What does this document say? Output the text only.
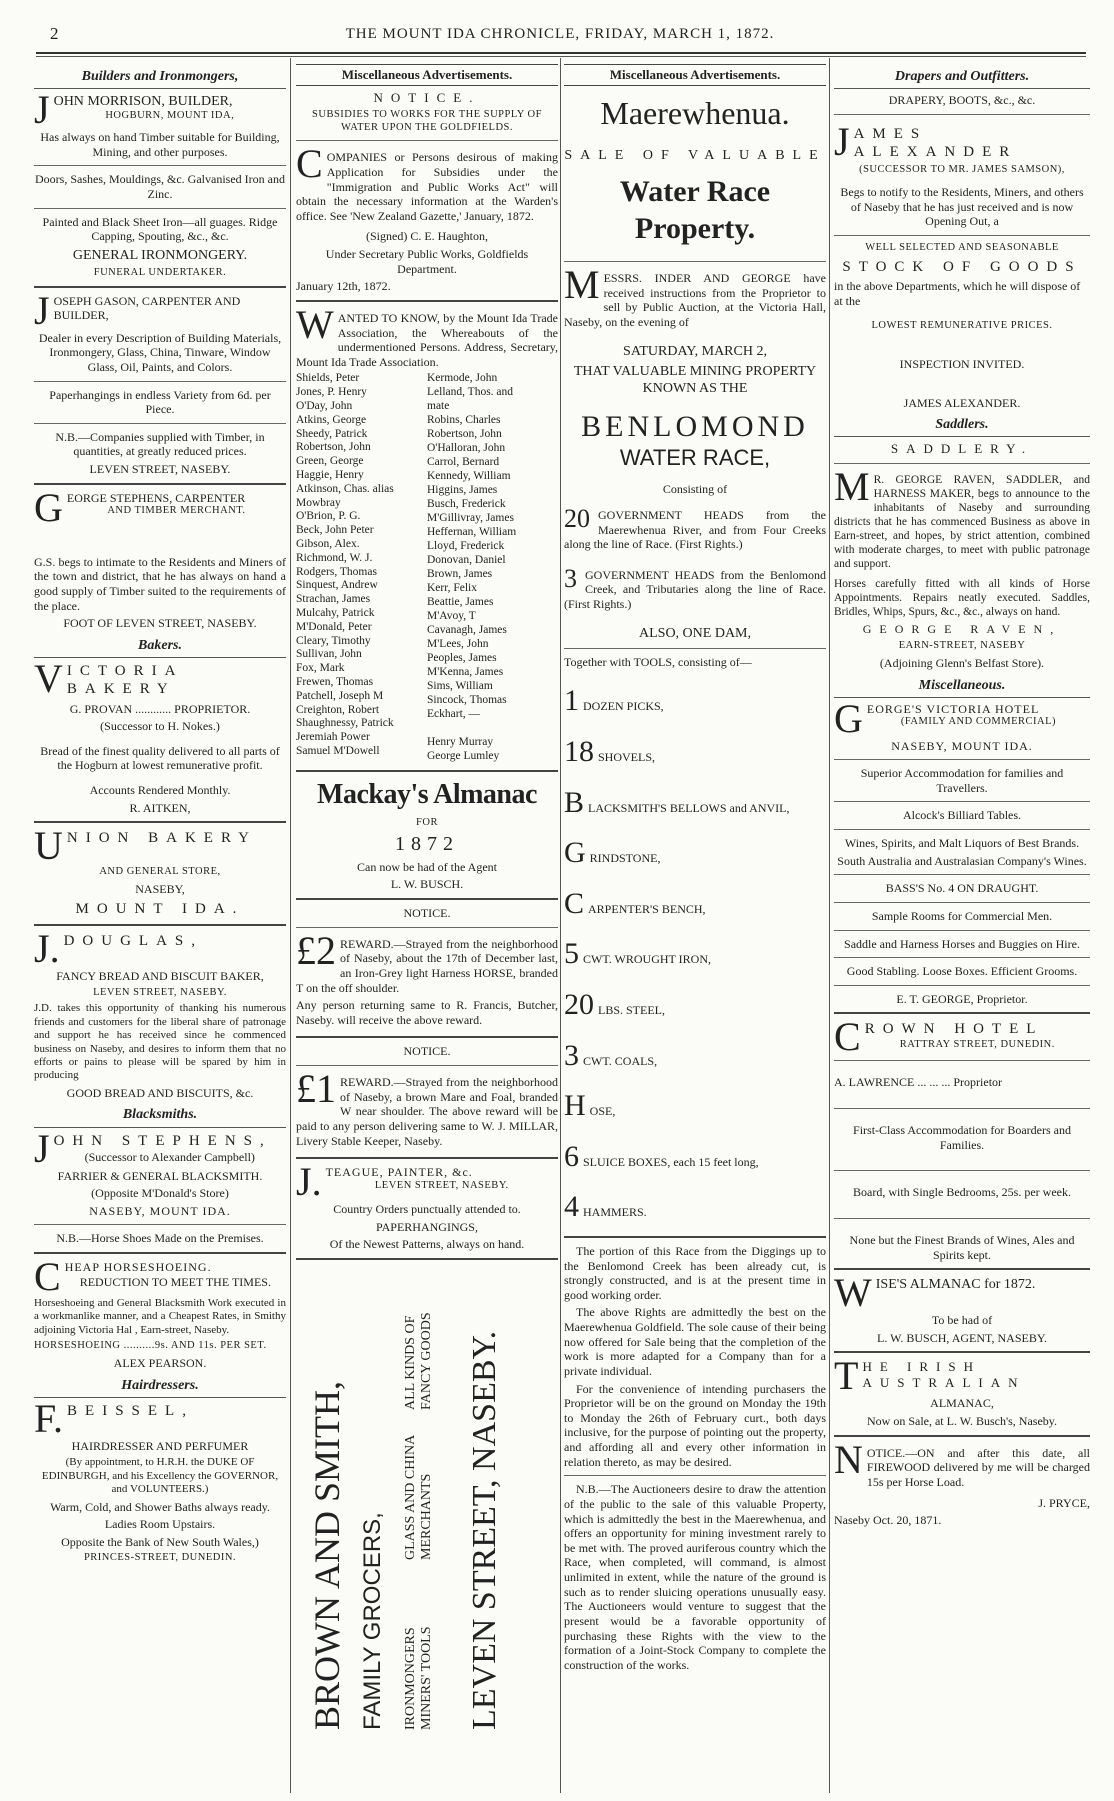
2	THE MOUNT IDA CHRONICLE, FRIDAY, MARCH 1, 1872.
Builders and Ironmongers,
J OHN MORRISON, BUILDER,
HOGBURN, MOUNT IDA,

Has always on hand Timber suitable for Building, Mining, and other purposes.

Doors, Sashes, Mouldings, &c. Galvanised Iron and Zinc.

Painted and Black Sheet Iron—all guages. Ridge Capping, Spouting, &c., &c.

GENERAL IRONMONGERY.

FUNERAL UNDERTAKER.

J OSEPH GASON, CARPENTER AND BUILDER,

Dealer in every Description of Building Materials, Ironmongery, Glass, China, Tinware, Window Glass, Oil, Paints, and Colors.

Paperhangings in endless Variety from 6d. per Piece.

N.B.—Companies supplied with Timber, in quantities, at greatly reduced prices.

LEVEN STREET, NASEBY.

G EORGE STEPHENS, CARPENTER
AND TIMBER MERCHANT.

G.S. begs to intimate to the Residents and Miners of the town and district, that he has always on hand a good supply of Timber suited to the requirements of the place.

FOOT OF LEVEN STREET, NASEBY.

Bakers.
V ICTORIA BAKERY

G. PROVAN ............ PROPRIETOR.

(Successor to H. Nokes.)

Bread of the finest quality delivered to all parts of the Hogburn at lowest remunerative profit.

Accounts Rendered Monthly.

R. AITKEN,

U NION BAKERY

AND GENERAL STORE,

NASEBY,

MOUNT IDA.

J. DOUGLAS,

FANCY BREAD AND BISCUIT BAKER,

LEVEN STREET, NASEBY.

J.D. takes this opportunity of thanking his numerous friends and customers for the liberal share of patronage and support he has received since he commenced business on Naseby, and desires to inform them that no efforts or pains to please will be spared by him in producing

GOOD BREAD AND BISCUITS, &c.

Blacksmiths.
J OHN STEPHENS,
(Successor to Alexander Campbell)

FARRIER & GENERAL BLACKSMITH.

(Opposite M'Donald's Store)

NASEBY, MOUNT IDA.

N.B.—Horse Shoes Made on the Premises.

C HEAP HORSESHOEING.
REDUCTION TO MEET THE TIMES.

Horseshoeing and General Blacksmith Work executed in a workmanlike manner, and a Cheapest Rates, in Smithy adjoining Victoria Hal , Earn-street, Naseby.

HORSESHOEING ..........9s. AND 11s. PER SET.

ALEX PEARSON.

Hairdressers.
F. BEISSEL,

HAIRDRESSER AND PERFUMER

(By appointment, to H.R.H. the DUKE OF EDINBURGH, and his Excellency the GOVERNOR, and VOLUNTEERS.)

Warm, Cold, and Shower Baths always ready.

Ladies Room Upstairs.

Opposite the Bank of New South Wales,)

PRINCES-STREET, DUNEDIN.

Miscellaneous Advertisements.

NOTICE.

SUBSIDIES TO WORKS FOR THE SUPPLY OF WATER UPON THE GOLDFIELDS.

C OMPANIES or Persons desirous of making Application for Subsidies under the "Immigration and Public Works Act" will obtain the necessary information at the Warden's office. See 'New Zealand Gazette,' January, 1872.

(Signed) C. E. Haughton,

Under Secretary Public Works, Goldfields Department.

January 12th, 1872.

W ANTED TO KNOW, by the Mount Ida Trade Association, the Whereabouts of the undermentioned Persons. Address, Secretary, Mount Ida Trade Association.

Shields, Peter
Jones, P. Henry
O'Day, John
Atkins, George
Sheedy, Patrick
Robertson, John
Green, George
Haggie, Henry
Atkinson, Chas. alias
Mowbray
O'Brion, P. G.
Beck, John Peter
Gibson, Alex.
Richmond, W. J.
Rodgers, Thomas
Sinquest, Andrew
Strachan, James
Mulcahy, Patrick
M'Donald, Peter
Cleary, Timothy
Sullivan, John
Fox, Mark
Frewen, Thomas
Patchell, Joseph M
Creighton, Robert
Shaughnessy, Patrick
Jeremiah Power
Samuel M'Dowell
Kermode, John
Lelland, Thos. and
mate
Robins, Charles
Robertson, John
O'Halloran, John
Carrol, Bernard
Kennedy, William
Higgins, James
Busch, Frederick
M'Gillivray, James
Heffernan, William
Lloyd, Frederick
Donovan, Daniel
Brown, James
Kerr, Felix
Beattie, James
M'Avoy, T
Cavanagh, James
M'Lees, John
Peoples, James
M'Kenna, James
Sims, William
Sincock, Thomas
Eckhart, —
Henry Murray
George Lumley

Mackay's Almanac

FOR

1872

Can now be had of the Agent

L. W. BUSCH.

NOTICE.

£2 REWARD.—Strayed from the neighborhood of Naseby, about the 17th of December last, an Iron-Grey light Harness HORSE, branded T on the off shoulder.

Any person returning same to R. Francis, Butcher, Naseby. will receive the above reward.

NOTICE.

£1 REWARD.—Strayed from the neighborhood of Naseby, a brown Mare and Foal, branded W near shoulder. The above reward will be paid to any person delivering same to W. J. MILLAR, Livery Stable Keeper, Naseby.

J. TEAGUE, PAINTER, &c.
LEVEN STREET, NASEBY.

Country Orders punctually attended to.

PAPERHANGINGS,

Of the Newest Patterns, always on hand.

BROWN AND SMITH, FAMILY GROCERS, IRONMONGERS MINERS' TOOLS
GLASS AND CHINA MERCHANTS
ALL KINDS OF FANCY GOODS LEVEN STREET, NASEBY.
Miscellaneous Advertisements.

Maerewhenua.

SALE OF VALUABLE

Water Race Property.

M ESSRS. INDER AND GEORGE have received instructions from the Proprietor to sell by Public Auction, at the Victoria Hall, Naseby, on the evening of

SATURDAY, MARCH 2,

THAT VALUABLE MINING PROPERTY KNOWN AS THE

BENLOMOND

WATER RACE,

Consisting of

20 GOVERNMENT HEADS from the Maerewhenua River, and from Four Creeks along the line of Race. (First Rights.)

3 GOVERNMENT HEADS from the Benlomond Creek, and Tributaries along the line of Race. (First Rights.)

ALSO, ONE DAM,

Together with TOOLS, consisting of—

1 DOZEN PICKS,
18 SHOVELS,
BLACKSMITH'S BELLOWS and ANVIL,
GRINDSTONE,
CARPENTER'S BENCH,
5 CWT. WROUGHT IRON,
20 LBS. STEEL,
3 CWT. COALS,
HOSE,
6 SLUICE BOXES, each 15 feet long,
4 HAMMERS.

The portion of this Race from the Diggings up to the Benlomond Creek has been already cut, is strongly constructed, and is at the present time in good working order.

The above Rights are admittedly the best on the Maerewhenua Goldfield. The sole cause of their being now offered for Sale being that the completion of the work is more adapted for a Company than for a private individual.

For the convenience of intending purchasers the Proprietor will be on the ground on Monday the 19th to Monday the 26th of February curt., both days inclusive, for the purpose of pointing out the property, and affording all and every other information in relation thereto, as may be desired.

N.B.—The Auctioneers desire to draw the attention of the public to the sale of this valuable Property, which is admittedly the best in the Maerewhenua, and offers an opportunity for mining investment rarely to be met with. The proved auriferous country which the Race, when completed, will command, is almost unlimited in extent, while the nature of the ground is such as to render sluicing operations unusually easy. The Auctioneers would venture to suggest that the present would be a favorable opportunity of purchasing these Rights with the view to the formation of a Joint-Stock Company to complete the construction of the works.

Drapers and Outfitters.

DRAPERY, BOOTS, &c., &c.

J AMES ALEXANDER

(SUCCESSOR TO MR. JAMES SAMSON),

Begs to notify to the Residents, Miners, and others of Naseby that he has just received and is now Opening Out, a

WELL SELECTED AND SEASONABLE

STOCK OF GOODS

in the above Departments, which he will dispose of at the

LOWEST REMUNERATIVE PRICES.

INSPECTION INVITED.

JAMES ALEXANDER.

Saddlers.

SADDLERY.

M R. GEORGE RAVEN, SADDLER, and HARNESS MAKER, begs to announce to the inhabitants of Naseby and surrounding districts that he has commenced Business as above in Earn-street, and hopes, by strict attention, combined with moderate charges, to meet with public patronage and support.

Horses carefully fitted with all kinds of Horse Appointments. Repairs neatly executed. Saddles, Bridles, Whips, Spurs, &c., &c., always on hand.

GEORGE RAVEN,

EARN-STREET, NASEBY

(Adjoining Glenn's Belfast Store).

Miscellaneous.
G EORGE'S VICTORIA HOTEL
(FAMILY AND COMMERCIAL)

NASEBY, MOUNT IDA.

Superior Accommodation for families and Travellers.

Alcock's Billiard Tables.

Wines, Spirits, and Malt Liquors of Best Brands.

South Australia and Australasian Company's Wines.

BASS'S No. 4 ON DRAUGHT.

Sample Rooms for Commercial Men.

Saddle and Harness Horses and Buggies on Hire.

Good Stabling. Loose Boxes. Efficient Grooms.

E. T. GEORGE, Proprietor.

C ROWN HOTEL
RATTRAY STREET, DUNEDIN.

A. LAWRENCE ... ... ... Proprietor

First-Class Accommodation for Boarders and Families.

Board, with Single Bedrooms, 25s. per week.

None but the Finest Brands of Wines, Ales and Spirits kept.

W ISE'S ALMANAC for 1872.

To be had of

L. W. BUSCH, AGENT, NASEBY.

T HE IRISH AUSTRALIAN

ALMANAC,

Now on Sale, at L. W. Busch's, Naseby.

N OTICE.—ON and after this date, all FIREWOOD delivered by me will be charged 15s per Horse Load.

J. PRYCE,

Naseby Oct. 20, 1871.
